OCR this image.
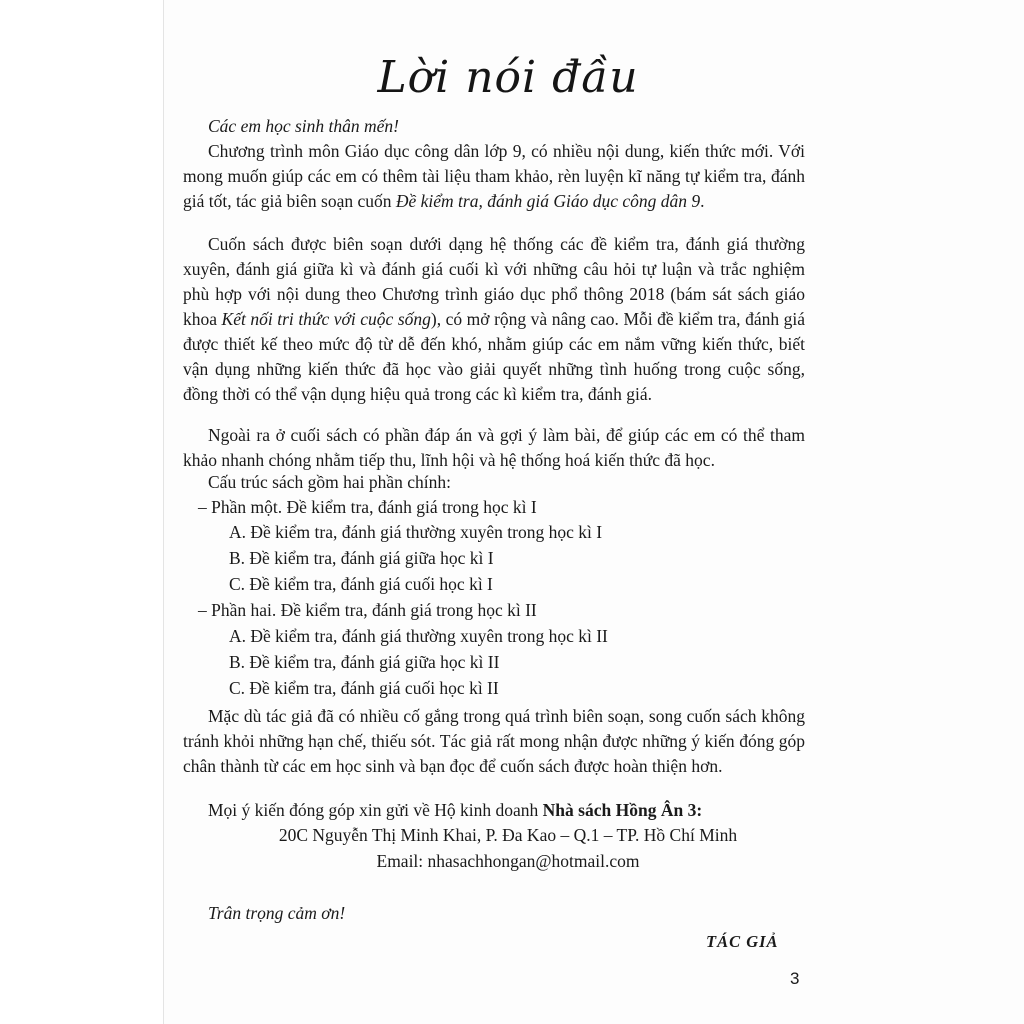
Lời nói đầu
Các em học sinh thân mến!

Chương trình môn Giáo dục công dân lớp 9, có nhiều nội dung, kiến thức mới. Với mong muốn giúp các em có thêm tài liệu tham khảo, rèn luyện kĩ năng tự kiểm tra, đánh giá tốt, tác giả biên soạn cuốn Đề kiểm tra, đánh giá Giáo dục công dân 9.

Cuốn sách được biên soạn dưới dạng hệ thống các đề kiểm tra, đánh giá thường xuyên, đánh giá giữa kì và đánh giá cuối kì với những câu hỏi tự luận và trắc nghiệm phù hợp với nội dung theo Chương trình giáo dục phổ thông 2018 (bám sát sách giáo khoa Kết nối tri thức với cuộc sống), có mở rộng và nâng cao. Mỗi đề kiểm tra, đánh giá được thiết kế theo mức độ từ dễ đến khó, nhằm giúp các em nắm vững kiến thức, biết vận dụng những kiến thức đã học vào giải quyết những tình huống trong cuộc sống, đồng thời có thể vận dụng hiệu quả trong các kì kiểm tra, đánh giá.

Ngoài ra ở cuối sách có phần đáp án và gợi ý làm bài, để giúp các em có thể tham khảo nhanh chóng nhằm tiếp thu, lĩnh hội và hệ thống hoá kiến thức đã học.

Cấu trúc sách gồm hai phần chính:
– Phần một. Đề kiểm tra, đánh giá trong học kì I
A. Đề kiểm tra, đánh giá thường xuyên trong học kì I
B. Đề kiểm tra, đánh giá giữa học kì I
C. Đề kiểm tra, đánh giá cuối học kì I
– Phần hai. Đề kiểm tra, đánh giá trong học kì II
A. Đề kiểm tra, đánh giá thường xuyên trong học kì II
B. Đề kiểm tra, đánh giá giữa học kì II
C. Đề kiểm tra, đánh giá cuối học kì II

Mặc dù tác giả đã có nhiều cố gắng trong quá trình biên soạn, song cuốn sách không tránh khỏi những hạn chế, thiếu sót. Tác giả rất mong nhận được những ý kiến đóng góp chân thành từ các em học sinh và bạn đọc để cuốn sách được hoàn thiện hơn.

Mọi ý kiến đóng góp xin gửi về Hộ kinh doanh Nhà sách Hồng Ân 3:
20C Nguyễn Thị Minh Khai, P. Đa Kao – Q.1 – TP. Hồ Chí Minh
Email: nhasachhongan@hotmail.com
Trân trọng cảm ơn!
TÁC GIẢ
3
